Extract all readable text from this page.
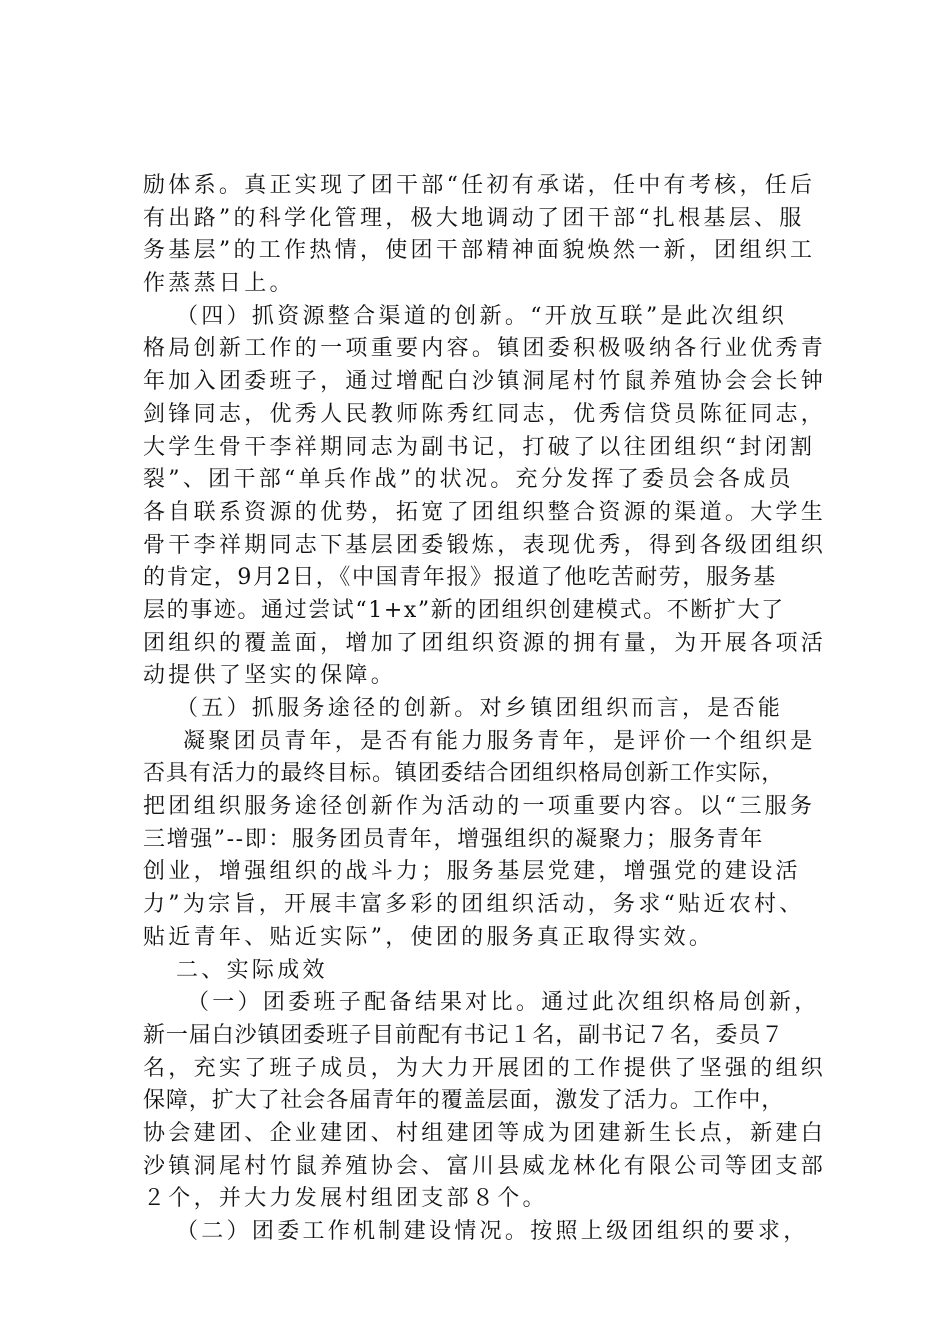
励体系。真正实现了团干部“任初有承诺，任中有考核，任后
有出路”的科学化管理，极大地调动了团干部“扎根基层、服
务基层”的工作热情，使团干部精神面貌焕然一新，团组织工
作蒸蒸日上。
（四）抓资源整合渠道的创新。“开放互联”是此次组织
格局创新工作的一项重要内容。镇团委积极吸纳各行业优秀青
年加入团委班子，通过增配白沙镇洞尾村竹鼠养殖协会会长钟
剑锋同志，优秀人民教师陈秀红同志，优秀信贷员陈征同志，
大学生骨干李祥期同志为副书记，打破了以往团组织“封闭割
裂”、团干部“单兵作战”的状况。充分发挥了委员会各成员
各自联系资源的优势，拓宽了团组织整合资源的渠道。大学生
骨干李祥期同志下基层团委锻炼，表现优秀，得到各级团组织
的肯定，9月2日，《中国青年报》报道了他吃苦耐劳，服务基
层的事迹。通过尝试“1+x”新的团组织创建模式。不断扩大了
团组织的覆盖面，增加了团组织资源的拥有量，为开展各项活
动提供了坚实的保障。
（五）抓服务途径的创新。对乡镇团组织而言，是否能
凝聚团员青年，是否有能力服务青年，是评价一个组织是
否具有活力的最终目标。镇团委结合团组织格局创新工作实际，
把团组织服务途径创新作为活动的一项重要内容。以“三服务
三增强”--即：服务团员青年，增强组织的凝聚力；服务青年
创业，增强组织的战斗力；服务基层党建，增强党的建设活
力”为宗旨，开展丰富多彩的团组织活动，务求“贴近农村、
贴近青年、贴近实际”，使团的服务真正取得实效。
二、实际成效
（一）团委班子配备结果对比。通过此次组织格局创新，
新一届白沙镇团委班子目前配有书记１名，副书记７名，委员７
名，充实了班子成员，为大力开展团的工作提供了坚强的组织
保障，扩大了社会各届青年的覆盖层面，激发了活力。工作中，
协会建团、企业建团、村组建团等成为团建新生长点，新建白
沙镇洞尾村竹鼠养殖协会、富川县威龙林化有限公司等团支部
２个，并大力发展村组团支部８个。
（二）团委工作机制建设情况。按照上级团组织的要求，
